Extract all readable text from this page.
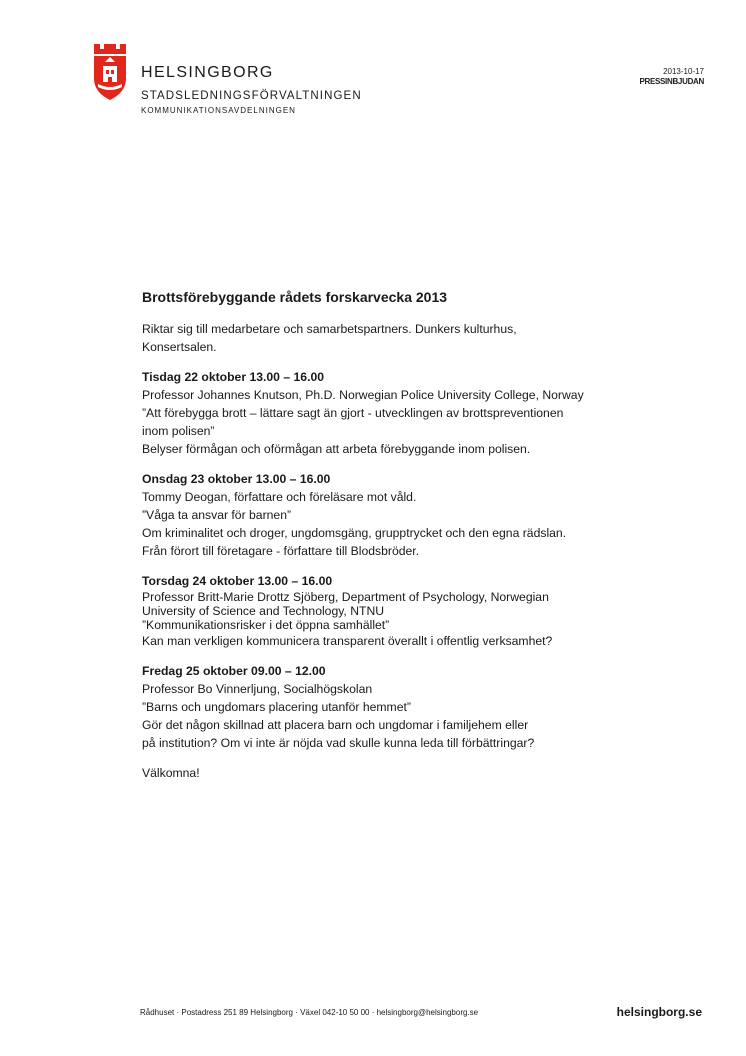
HELSINGBORG
STADSLEDNINGSFÖRVALTNINGEN
KOMMUNIKATIONSAVDELNINGEN
2013-10-17
PRESSINBJUDAN
Brottsförebyggande rådets forskarvecka 2013
Riktar sig till medarbetare och samarbetspartners. Dunkers kulturhus,
Konsertsalen.
Tisdag 22 oktober 13.00 – 16.00
Professor Johannes Knutson, Ph.D. Norwegian Police University College, Norway
”Att förebygga brott – lättare sagt än gjort - utvecklingen av brottspreventionen
inom polisen”
Belyser förmågan och oförmågan att arbeta förebyggande inom polisen.
Onsdag 23 oktober 13.00 – 16.00
Tommy Deogan, författare och föreläsare mot våld.
”Våga ta ansvar för barnen”
Om kriminalitet och droger, ungdomsgäng, grupptrycket och den egna rädslan.
Från förort till företagare - författare till Blodsbröder.
Torsdag 24 oktober 13.00 – 16.00
Professor Britt-Marie Drottz Sjöberg, Department of Psychology, Norwegian
University of Science and Technology, NTNU
”Kommunikationsrisker i det öppna samhället”
Kan man verkligen kommunicera transparent överallt i offentlig verksamhet?
Fredag 25 oktober 09.00 – 12.00
Professor Bo Vinnerljung, Socialhögskolan
”Barns och ungdomars placering utanför hemmet”
Gör det någon skillnad att placera barn och ungdomar i familjehem eller
på institution? Om vi inte är nöjda vad skulle kunna leda till förbättringar?
Välkomna!
Rådhuset · Postadress 251 89 Helsingborg · Växel 042-10 50 00 · helsingborg@helsingborg.se	helsingborg.se
